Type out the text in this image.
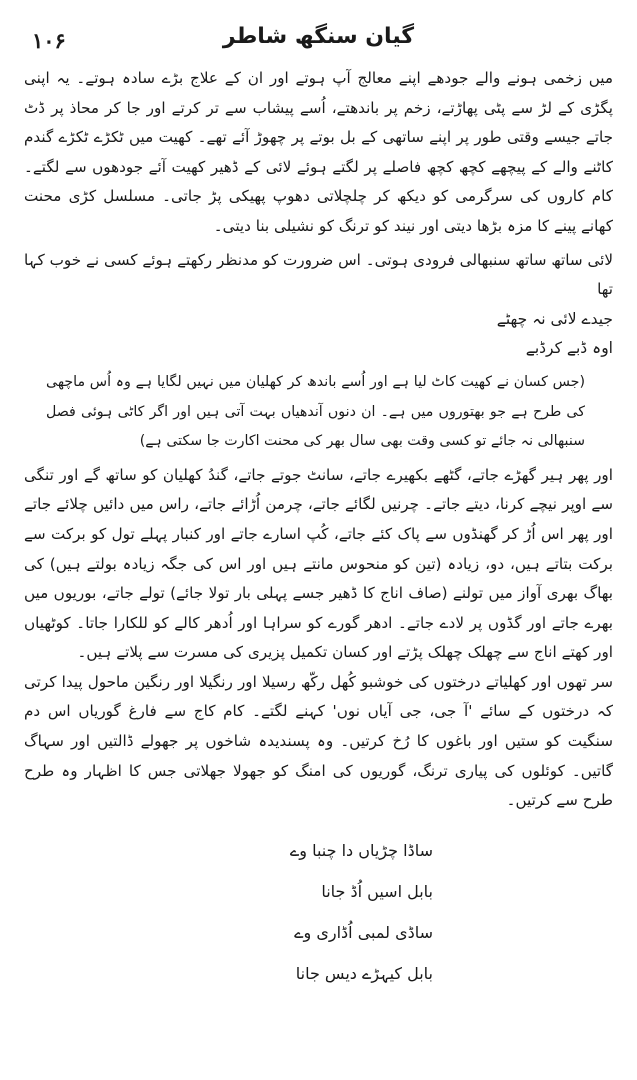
۱۰۶	گیان سنگھ شاطر

میں زخمی ہونے والے جودھے اپنے معالج آپ ہوتے اور ان کے علاج بڑے سادہ ہوتے۔ یہ اپنی پگڑی کے لڑ سے پٹی پھاڑتے، زخم پر باندھتے، اُسے پیشاب سے تر کرتے اور جا کر محاذ پر ڈٹ جاتے جیسے وقتی طور پر اپنے ساتھی کے بل بوتے پر چھوڑ آئے تھے۔ کھیت میں ٹکڑے ٹکڑے گندم کاٹنے والے کے پیچھے کچھ کچھ فاصلے پر لگتے ہوئے لائی کے ڈھیر کھیت آئے جودھوں سے لگتے۔ کام کاروں کی سرگرمی کو دیکھ کر چلچلاتی دھوپ پھیکی پڑ جاتی۔ مسلسل کڑی محنت کھانے پینے کا مزہ بڑھا دیتی اور نیند کو ترنگ کو نشیلی بنا دیتی۔

لائی ساتھ ساتھ سنبھالی فرودی ہوتی۔ اس ضرورت کو مدنظر رکھتے ہوئے کسی نے خوب کہا تھا

جیدے لائی نہ چھٹے

اوہ ڈبے کرڈبے

(جس کسان نے کھیت کاٹ لیا ہے اور اُسے باندھ کر کھلیان میں نہیں لگایا ہے وہ اُس ماچھی کی طرح ہے جو بھتوروں میں ہے۔ ان دنوں آندھیاں بہت آتی ہیں اور اگر کاٹی ہوئی فصل سنبھالی نہ جائے تو کسی وقت بھی سال بھر کی محنت اکارت جا سکتی ہے)

اور پھر ہیر گھڑے جاتے، گٹھے بکھیرے جاتے، سانٹ جوتے جاتے، گندُ کھلیان کو ساتھ گے اور تنگی سے اوپر نیچے کرنا، دیتے جاتے۔ چرنیں لگائے جاتے، چرمن اُڑائے جاتے، راس میں دائیں چلائے جاتے اور پھر اس اُڑ کر گھنڈوں سے پاک کئے جاتے، کُپ اسارے جاتے اور کنبار پہلے تول کو برکت سے برکت بتاتے ہیں، دو، زیادہ (تین کو منحوس مانتے ہیں اور اس کی جگہ زیادہ بولتے ہیں) کی بھاگ بھری آواز میں تولنے (صاف اناج کا ڈھیر جسے پہلی بار تولا جائے) تولے جاتے، بوریوں میں بھرے جاتے اور گڈوں پر لادے جاتے۔ ادھر گورے کو سراہا اور اُدھر کالے کو للکارا جاتا۔ کوٹھیاں اور کھتے اناج سے چھلک چھلک پڑتے اور کسان تکمیل پزیری کی مسرت سے پلاتے ہیں۔

سر تھوں اور کھلیاتے درختوں کی خوشبو کُھل رکّھ رسیلا اور رنگیلا اور رنگین ماحول پیدا کرتی کہ درختوں کے سائے 'آ جی، جی آیاں نوں' کہنے لگتے۔ کام کاج سے فارغ گوریاں اس دم سنگیت کو ستیں اور باغوں کا رُخ کرتیں۔ وہ پسندیدہ شاخوں پر جھولے ڈالتیں اور سہاگ گاتیں۔ کوئلوں کی پیاری ترنگ، گوریوں کی امنگ کو جھولا جھلاتی جس کا اظہار وہ طرح طرح سے کرتیں۔

ساڈا چڑیاں دا چنبا وے

بابل اسیں اُڈ جانا

ساڈی لمبی اُڈاری وے

بابل کیہڑے دیس جانا
